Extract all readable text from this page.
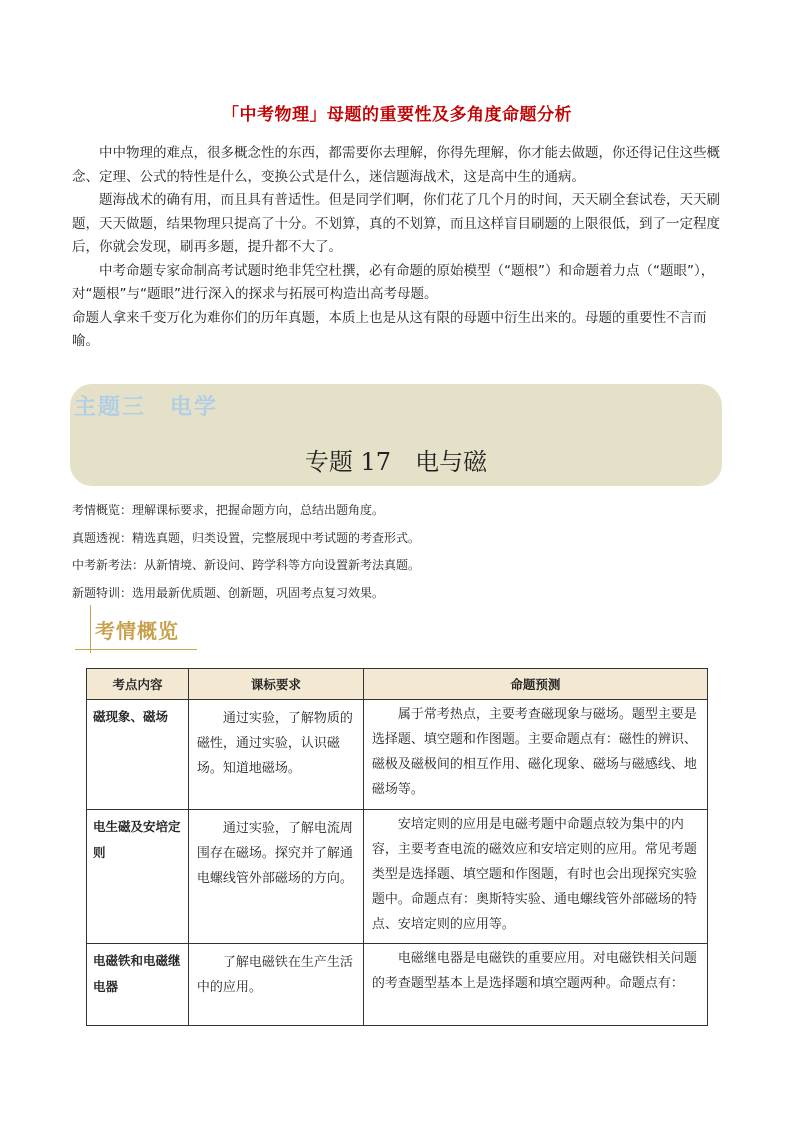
「中考物理」母题的重要性及多角度命题分析

中中物理的难点，很多概念性的东西，都需要你去理解，你得先理解，你才能去做题，你还得记住这些概念、定理、公式的特性是什么，变换公式是什么，迷信题海战术，这是高中生的通病。

题海战术的确有用，而且具有普适性。但是同学们啊，你们花了几个月的时间，天天刷全套试卷，天天刷题，天天做题，结果物理只提高了十分。不划算，真的不划算，而且这样盲目刷题的上限很低，到了一定程度后，你就会发现，刷再多题，提升都不大了。

中考命题专家命制高考试题时绝非凭空杜撰，必有命题的原始模型（“题根”）和命题着力点（“题眼”），对“题根”与“题眼”进行深入的探求与拓展可构造出高考母题。

命题人拿来千变万化为难你们的历年真题，本质上也是从这有限的母题中衍生出来的。母题的重要性不言而喻。

主题三　电学
专题 17　电与磁
考情概览：理解课标要求，把握命题方向，总结出题角度。
真题透视：精选真题，归类设置，完整展现中考试题的考查形式。
中考新考法：从新情境、新设问、跨学科等方向设置新考法真题。
新题特训：选用最新优质题、创新题，巩固考点复习效果。
考情概览
考点内容	课标要求	命题预测
磁现象、磁场	通过实验，了解物质的磁性，通过实验，认识磁场。知道地磁场。	属于常考热点，主要考查磁现象与磁场。题型主要是选择题、填空题和作图题。主要命题点有：磁性的辨识、磁极及磁极间的相互作用、磁化现象、磁场与磁感线、地磁场等。

电生磁及安培定则	通过实验，了解电流周围存在磁场。探究并了解通电螺线管外部磁场的方向。	安培定则的应用是电磁考题中命题点较为集中的内容，主要考查电流的磁效应和安培定则的应用。常见考题类型是选择题、填空题和作图题，有时也会出现探究实验题中。命题点有：奥斯特实验、通电螺线管外部磁场的特点、安培定则的应用等。

电磁铁和电磁继电器	了解电磁铁在生产生活中的应用。	电磁继电器是电磁铁的重要应用。对电磁铁相关问题的考查题型基本上是选择题和填空题两种。命题点有：
